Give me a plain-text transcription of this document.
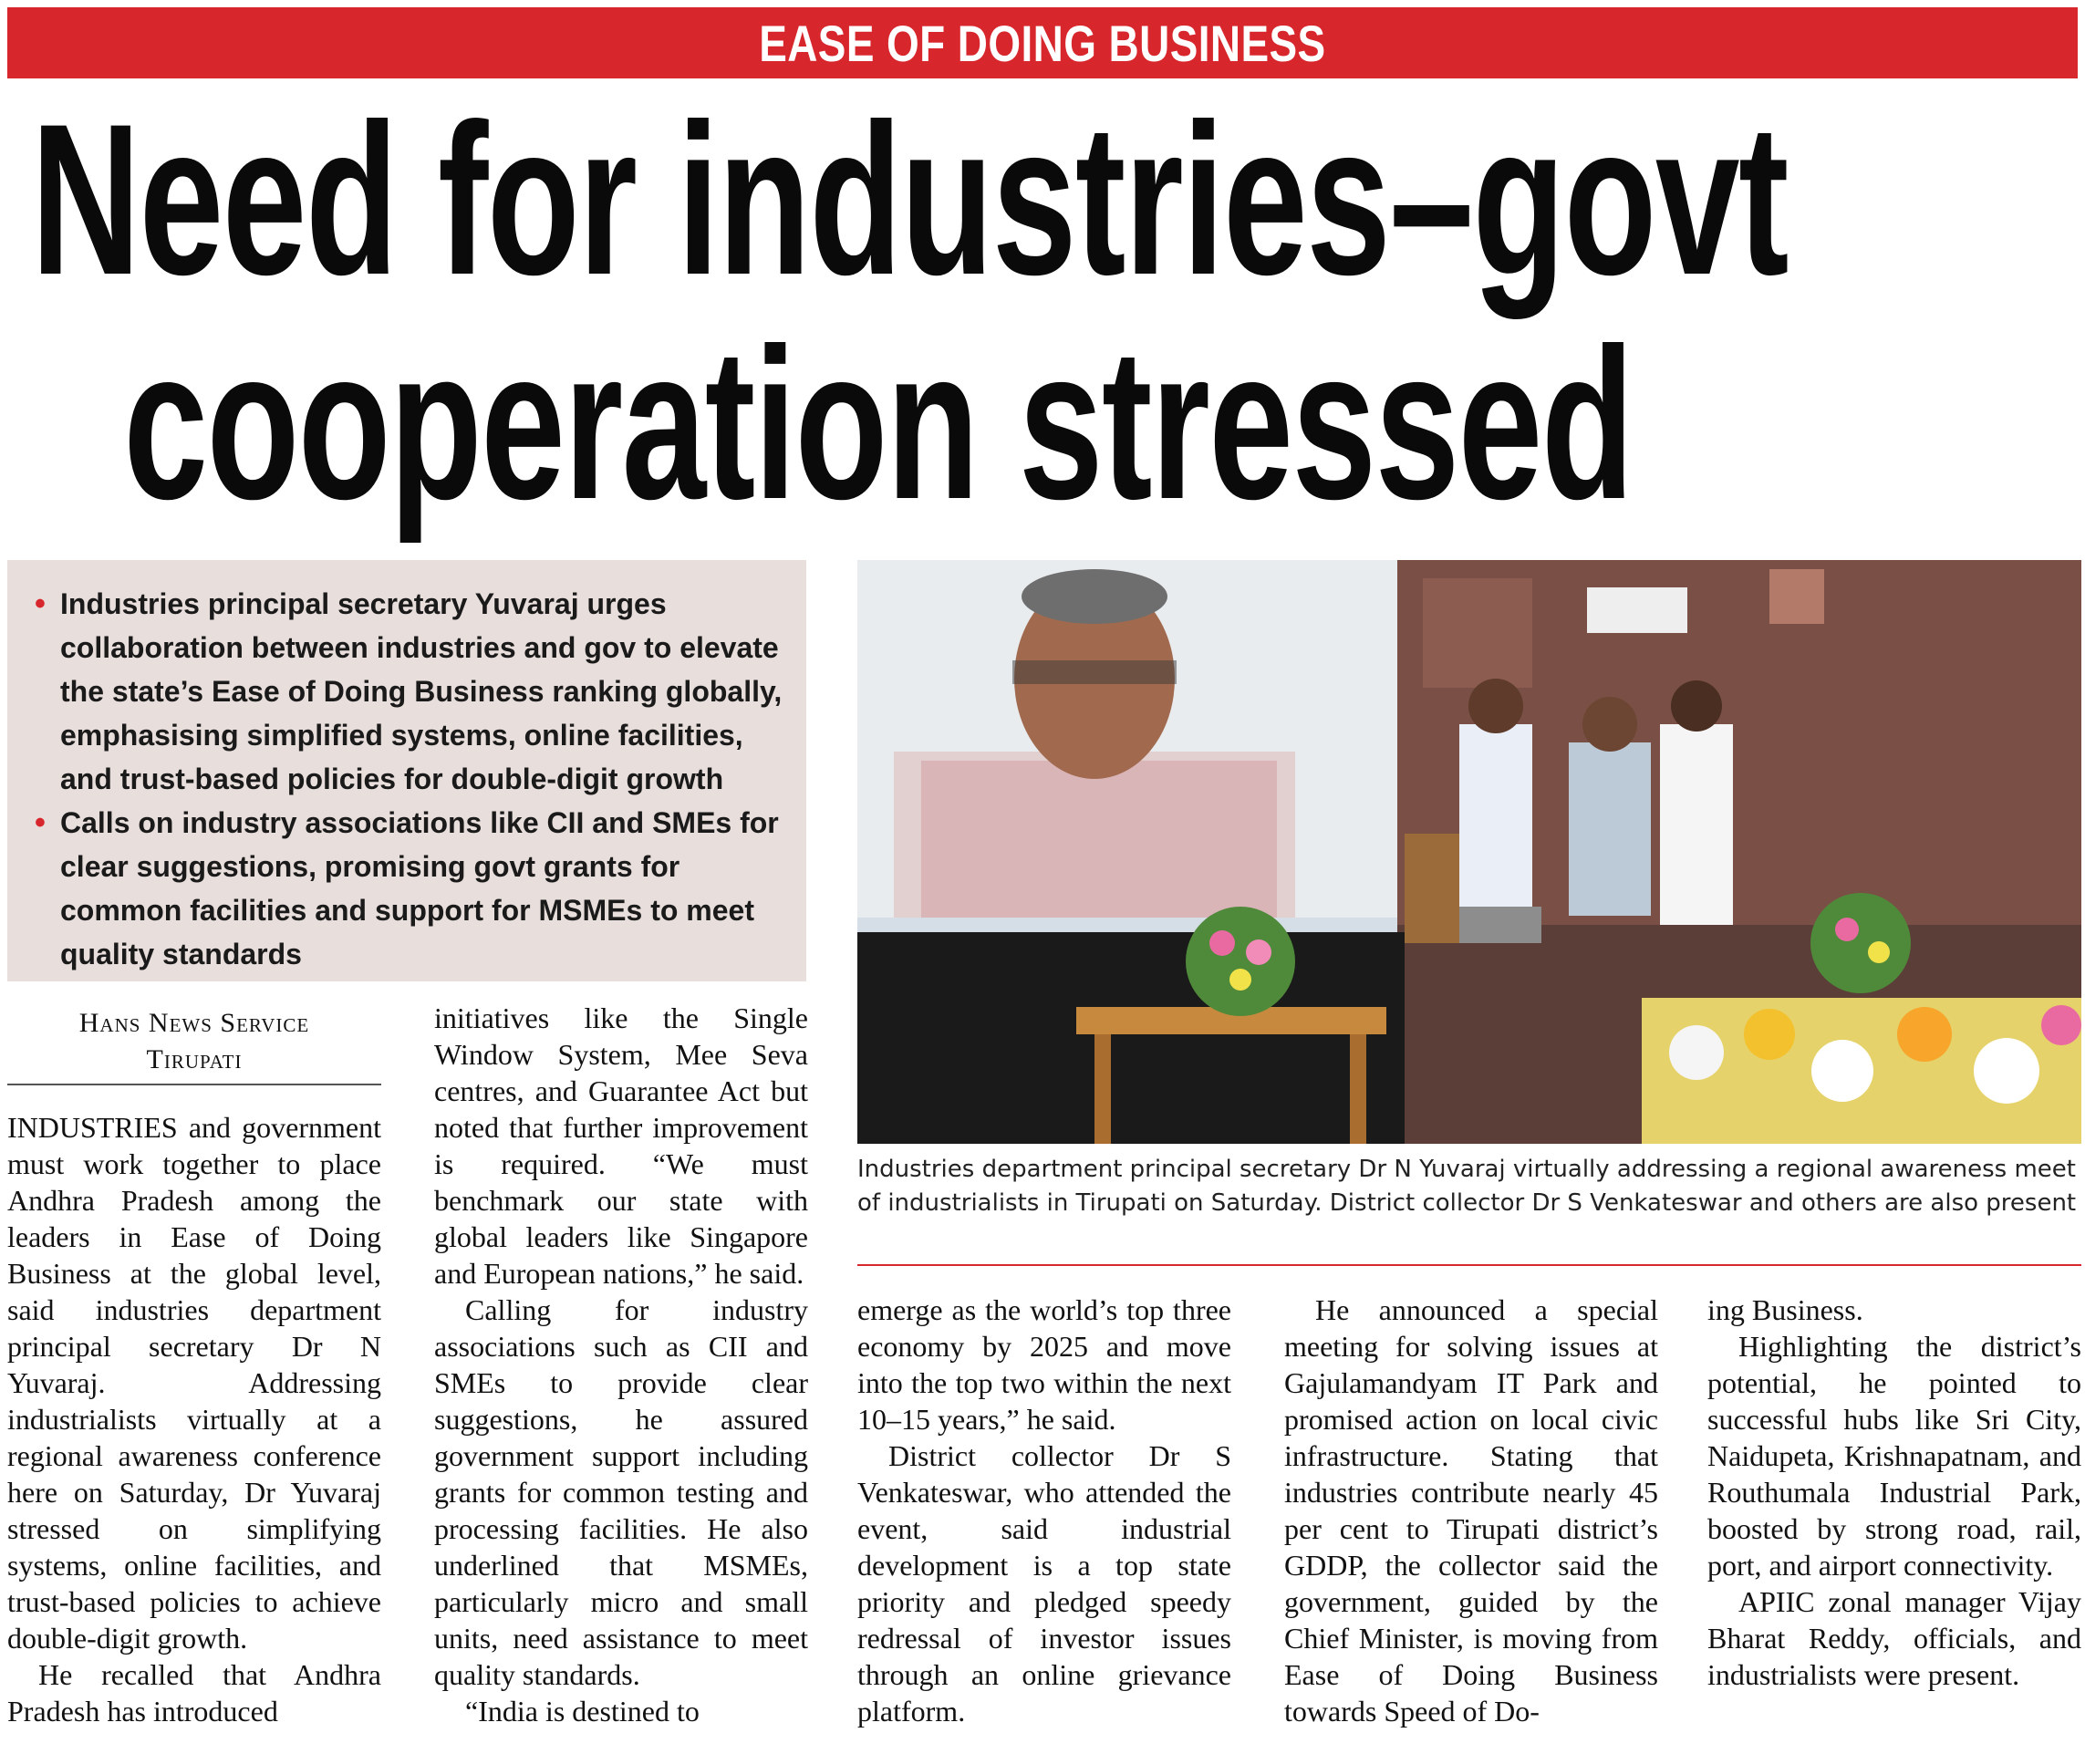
EASE OF DOING BUSINESS
Need for industries–govt
cooperation stressed
• Industries principal secretary Yuvaraj urges collaboration between industries and gov to elevate the state’s Ease of Doing Business ranking globally, emphasising simplified systems, online facilities, and trust-based policies for double-digit growth
• Calls on industry associations like CII and SMEs for clear suggestions, promising govt grants for common facilities and support for MSMEs to meet quality standards

Industries department principal secretary Dr N Yuvaraj virtually addressing a regional awareness meet of industrialists in Tirupati on Saturday. District collector Dr S Venkateswar and others are also present

Hans News Service
Tirupati

INDUSTRIES and government must work together to place Andhra Pradesh among the leaders in Ease of Doing Business at the global level, said industries department principal secretary Dr N Yuvaraj. Addressing industrialists virtually at a regional awareness conference here on Saturday, Dr Yuvaraj stressed on simplifying systems, online facilities, and trust-based policies to achieve double-digit growth.

He recalled that Andhra Pradesh has introduced

initiatives like the Single Window System, Mee Seva centres, and Guarantee Act but noted that further improvement is required. “We must benchmark our state with global leaders like Singapore and European nations,” he said.

Calling for industry associations such as CII and SMEs to provide clear suggestions, he assured government support including grants for common testing and processing facilities. He also underlined that MSMEs, particularly micro and small units, need assistance to meet quality standards.

“India is destined to

emerge as the world’s top three economy by 2025 and move into the top two within the next 10–15 years,” he said.

District collector Dr S Venkateswar, who attended the event, said industrial development is a top state priority and pledged speedy redressal of investor issues through an online grievance platform.

He announced a special meeting for solving issues at Gajulamandyam IT Park and promised action on local civic infrastructure. Stating that industries contribute nearly 45 per cent to Tirupati district’s GDDP, the collector said the government, guided by the Chief Minister, is moving from Ease of Doing Business towards Speed of Do-

ing Business.

Highlighting the district’s potential, he pointed to successful hubs like Sri City, Naidupeta, Krishnapatnam, and Routhumala Industrial Park, boosted by strong road, rail, port, and airport connectivity.

APIIC zonal manager Vijay Bharat Reddy, officials, and industrialists were present.
